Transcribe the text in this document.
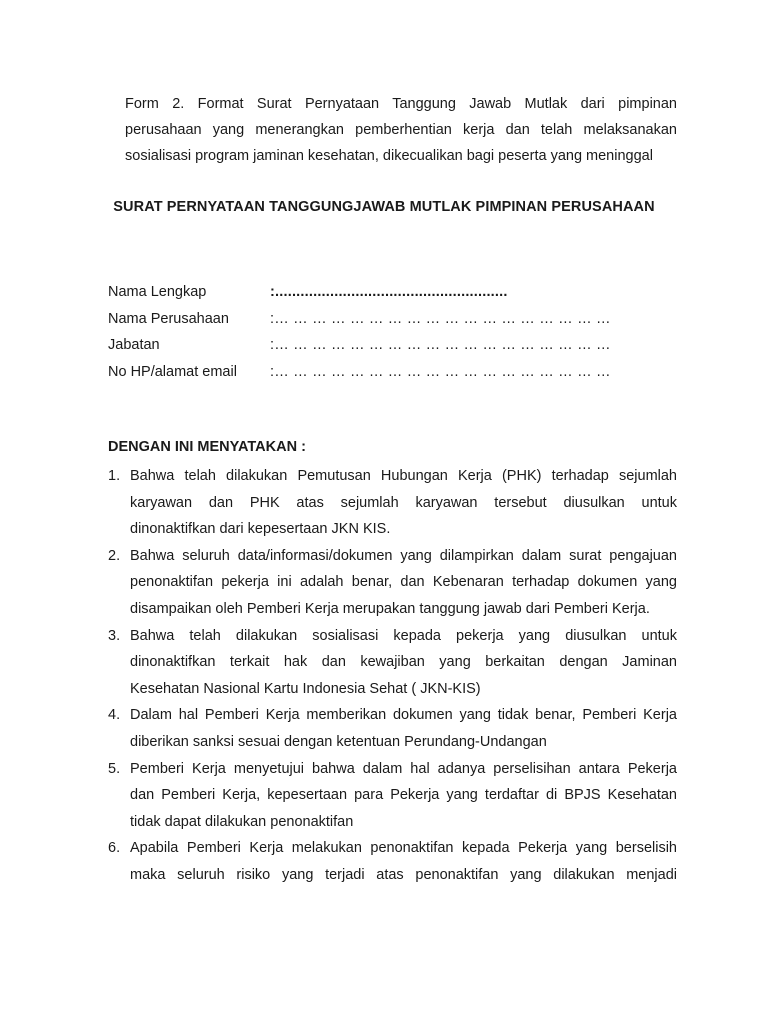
Form 2. Format Surat Pernyataan Tanggung Jawab Mutlak dari pimpinan
perusahaan yang menerangkan pemberhentian kerja dan telah melaksanakan
sosialisasi program jaminan kesehatan, dikecualikan bagi peserta yang meninggal
SURAT PERNYATAAN TANGGUNGJAWAB MUTLAK PIMPINAN PERUSAHAAN
Nama Lengkap	:.......................................................
Nama Perusahaan	:… … … … … … … … … … … … … … … … … …
Jabatan	:… … … … … … … … … … … … … … … … … …
No HP/alamat email	:… … … … … … … … … … … … … … … … … …
DENGAN INI MENYATAKAN :
1. Bahwa telah dilakukan Pemutusan Hubungan Kerja (PHK) terhadap sejumlah
karyawan dan PHK atas sejumlah karyawan tersebut diusulkan untuk
dinonaktifkan dari kepesertaan JKN KIS.
2. Bahwa seluruh data/informasi/dokumen yang dilampirkan dalam surat pengajuan
penonaktifan pekerja ini adalah benar, dan Kebenaran terhadap dokumen yang
disampaikan oleh Pemberi Kerja merupakan tanggung jawab dari Pemberi Kerja.
3. Bahwa telah dilakukan sosialisasi kepada pekerja yang diusulkan untuk
dinonaktifkan terkait hak dan kewajiban yang berkaitan dengan Jaminan
Kesehatan Nasional Kartu Indonesia Sehat ( JKN-KIS)
4. Dalam hal Pemberi Kerja memberikan dokumen yang tidak benar, Pemberi Kerja
diberikan sanksi sesuai dengan ketentuan Perundang-Undangan
5. Pemberi Kerja menyetujui bahwa dalam hal adanya perselisihan antara Pekerja
dan Pemberi Kerja, kepesertaan para Pekerja yang terdaftar di BPJS Kesehatan
tidak dapat dilakukan penonaktifan
6. Apabila Pemberi Kerja melakukan penonaktifan kepada Pekerja yang berselisih
maka seluruh risiko yang terjadi atas penonaktifan yang dilakukan menjadi
